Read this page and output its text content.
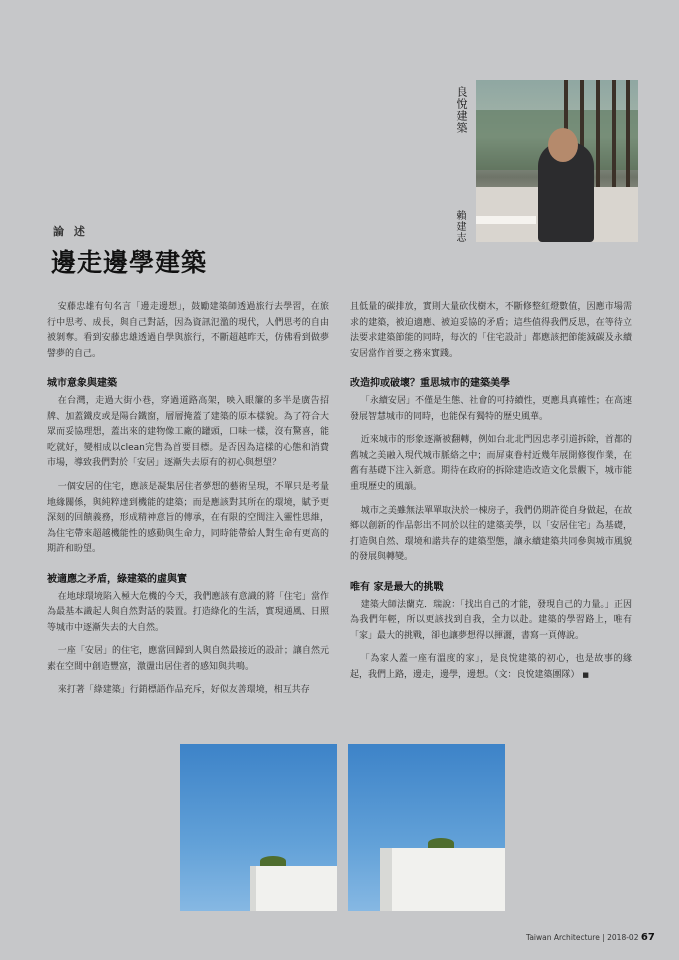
良悅建築
賴建志
論 述
邊走邊學建築

安藤忠雄有句名言「邊走邊想」，鼓勵建築師透過旅行去學習，在旅行中思考、成長，與自己對話，因為資訊氾濫的現代，人們思考的自由被剝奪。看到安藤忠雄透過自學與旅行，不斷超越昨天，仿佛看到做夢譬夢的自己。

城市意象與建築

在台灣，走過大街小巷，穿過道路高架，映入眼簾的多半是廣告招牌、加蓋鐵皮或是陽台鐵窗，層層掩蓋了建築的原本樣貌。為了符合大眾而妥協理想，蓋出來的建物像工廠的罐頭，口味一樣，沒有驚喜，能吃就好，變相成以clean完售為首要目標。是否因為這樣的心態和消費市場，導致我們對於「安居」逐漸失去原有的初心與想望？

一個安居的住宅，應該是凝集居住者夢想的藝術呈現，不單只是考量地緣關係，與純粹達到機能的建築；而是應該對其所在的環境，賦予更深刻的回饋義務，形成精神意旨的傳承，在有限的空間注入靈性思維，為住宅帶來超越機能性的感動與生命力，同時能帶給人對生命有更高的期許和盼望。

被適應之矛盾，綠建築的虛與實

在地球環境陷入極大危機的今天，我們應該有意識的將「住宅」當作為最基本識起人與自然對話的裝置。打造綠化的生活，實現通風、日照等城市中逐漸失去的大自然。

一座「安居」的住宅，應當回歸到人與自然最接近的設計；讓自然元素在空間中創造豐富，激盪出居住者的感知與共鳴。

來打著「綠建築」行銷標語作品充斥，好似友善環境，相互共存

且低量的碳排放，實則大量砍伐樹木，不斷修整紅燈數值，因應市場需求的建築，被迫適應、被迫妥協的矛盾；這些值得我們反思，在等待立法要求建築節能的同時，每次的「住宅設計」都應該把節能減碳及永續安居當作首要之務來實踐。

改造抑或破壞？重思城市的建築美學

「永續安居」不僅是生態、社會的可持續性，更應具真確性；在高速發展智慧城市的同時，也能保有獨特的歷史風華。

近來城市的形象逐漸被翻轉，例如台北北門因忠孝引道拆除，首都的舊城之美融入現代城市脈絡之中；而屏東眷村近幾年展開修復作業，在舊有基礎下注入新意。期待在政府的拆除建造改造文化景觀下，城市能重現歷史的風韻。

城市之美雖無法單單取決於一棟房子，我們仍期許從自身做起，在故鄉以創新的作品彰出不同於以往的建築美學，以「安居住宅」為基礎，打造與自然、環境和諧共存的建築型態，讓永續建築共同參與城市風貌的發展與轉變。

唯有 家是最大的挑戰

建築大師法蘭克．瑞說：「找出自己的才能，發現自己的力量。」正因為我們年輕，所以更該找到自我，全力以赴。建築的學習路上，唯有「家」最大的挑戰，卻也讓夢想得以揮灑，書寫一頁傳說。

「為家人蓋一座有溫度的家」，是良悅建築的初心，也是故事的緣起，我們上路，邊走，邊學，邊想。（文：良悅建築團隊） ■

Taiwan Architecture | 2018-02 67
